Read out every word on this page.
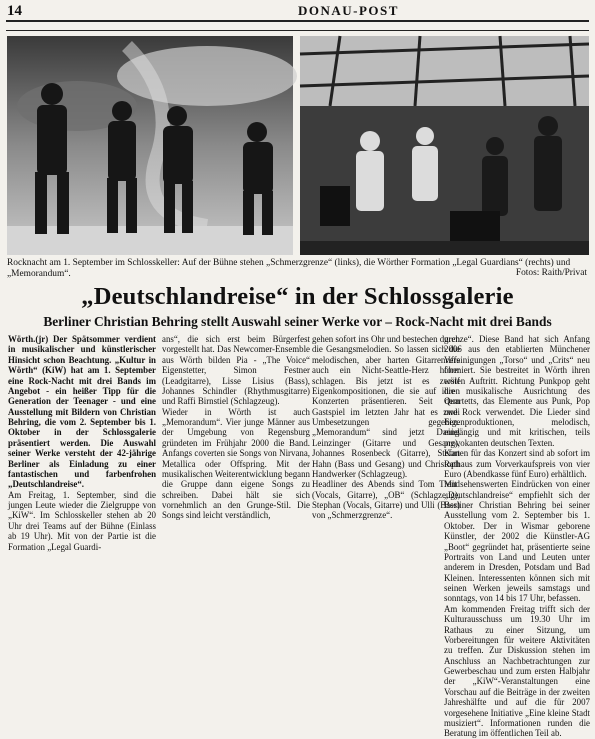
14	DONAU-POST
Rocknacht am 1. September im Schlosskeller: Auf der Bühne stehen „Schmerzgrenze“ (links), die Wörther Formation „Legal Guardians“ (rechts) und
„Memorandum“.	Fotos: Raith/Privat
„Deutschlandreise“ in der Schlossgalerie
Berliner Christian Behring stellt Auswahl seiner Werke vor – Rock-Nacht mit drei Bands
Wörth.(jr) Der Spätsommer verdient in musikalischer und künstlerischer Hinsicht schon Beachtung. „Kultur in Wörth“ (KiW) hat am 1. September eine Rock-Nacht mit drei Bands im Angebot - ein heißer Tipp für die Generation der Teenager - und eine Ausstellung mit Bildern von Christian Behring, die vom 2. September bis 1. Oktober in der Schlossgalerie präsentiert werden. Die Auswahl seiner Werke versteht der 42-jährige Berliner als Einladung zu einer fantastischen und farbenfrohen „Deutschlandreise“.
Am Freitag, 1. September, sind die jungen Leute wieder die Zielgruppe von „KiW“. Im Schlosskeller stehen ab 20 Uhr drei Teams auf der Bühne (Einlass ab 19 Uhr). Mit von der Partie ist die Formation „Legal Guardi-
ans“, die sich erst beim Bürgerfest vorgestellt hat. Das Newcomer-Ensemble aus Wörth bilden Pia - „The Voice“ Eigenstetter, Simon Festner (Leadgitarre), Lisse Lisius (Bass), Johannes Schindler (Rhythmusgitarre) und Raffi Birnstiel (Schlagzeug).
Wieder in Wörth ist auch „Memorandum“. Vier junge Männer aus der Umgebung von Regensburg gründeten im Frühjahr 2000 die Band. Anfangs coverten sie Songs von Nirvana, Metallica oder Offspring. Mit der musikalischen Weiterentwicklung begann die Gruppe dann eigene Songs zu schreiben. Dabei hält sie sich vornehmlich an den Grunge-Stil. Die Songs sind leicht verständlich,
gehen sofort ins Ohr und bestechen durch die Gesangsmelodien. So lassen sich die melodischen, aber harten Gitarrenriffs auch ein Nicht-Seattle-Herz höher schlagen. Bis jetzt ist es zwölf Eigenkompositionen, die sie auf ihren Konzerten präsentieren. Seit dem Gastspiel im letzten Jahr hat es zwei Umbesetzungen gegeben. „Memorandum“ sind jetzt Daniel Leinzinger (Gitarre und Gesang), Johannes Rosenbeck (Gitarre), Stefan Hahn (Bass und Gesang) und Christoph Handwerker (Schlagzeug).
Headliner des Abends sind Tom Trend (Vocals, Gitarre), „OB“ (Schlagzeug), Stephan (Vocals, Gitarre) und Ulli (Bass) von „Schmerzgrenze“.
grenze“. Diese Band hat sich Anfang 2006 aus den etablierten Münchener Vereinigungen „Torso“ und „Crits“ neu formiert. Sie bestreitet in Wörth ihren ersten Auftritt. Richtung Punkpop geht die musikalische Ausrichtung des Quartetts, das Elemente aus Punk, Pop und Rock verwendet. Die Lieder sind Eigenproduktionen, melodisch, eingängig und mit kritischen, teils provokanten deutschen Texten.
Karten für das Konzert sind ab sofort im Rathaus zum Vorverkaufspreis von vier Euro (Abendkasse fünf Euro) erhältlich.
Mit sehenswerten Eindrücken von einer „Deutschlandreise“ empfiehlt sich der Berliner Christian Behring bei seiner Ausstellung vom 2. September bis 1. Oktober. Der in Wismar geborene Künstler, der 2002 die Künstler-AG „Boot“ gegründet hat, präsentierte seine Portraits von Land und Leuten unter anderem in Dresden, Potsdam und Bad Kleinen. Interessenten können sich mit seinen Werken jeweils samstags und sonntags, von 14 bis 17 Uhr, befassen.
Am kommenden Freitag trifft sich der Kulturausschuss um 19.30 Uhr im Rathaus zu einer Sitzung, um Vorbereitungen für weitere Aktivitäten zu treffen. Zur Diskussion stehen im Anschluss an Nachbetrachtungen zur Gewerbeschau und zum ersten Halbjahr der „KiW“-Veranstaltungen eine Vorschau auf die Beiträge in der zweiten Jahreshälfte und auf die für 2007 vorgesehene Initiative „Eine kleine Stadt musiziert“. Informationen runden die Beratung im öffentlichen Teil ab.
